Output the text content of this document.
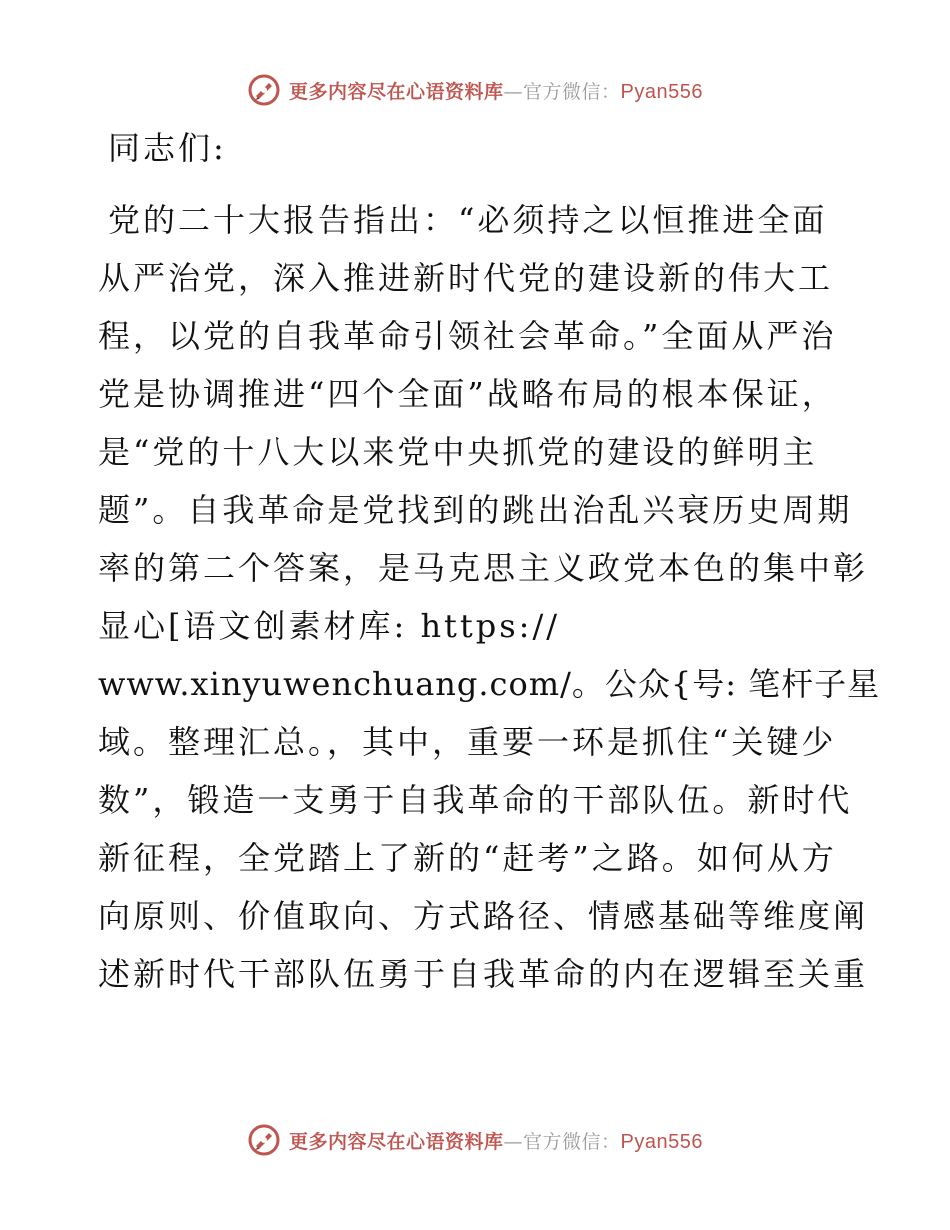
更多内容尽在心语资料库—官方微信：Pyan556
同志们:
党的二十大报告指出：“必须持之以恒推进全面
从严治党，深入推进新时代党的建设新的伟大工
程，以党的自我革命引领社会革命。”全面从严治
党是协调推进“四个全面”战略布局的根本保证，
是“党的十八大以来党中央抓党的建设的鲜明主
题”。自我革命是党找到的跳出治乱兴衰历史周期
率的第二个答案，是马克思主义政党本色的集中彰
显心[语文创素材库: https://
www.xinyuwenchuang.com/。公众{号: 笔杆子星
域。整理汇总。，其中，重要一环是抓住“关键少
数”，锻造一支勇于自我革命的干部队伍。新时代
新征程，全党踏上了新的“赶考”之路。如何从方
向原则、价值取向、方式路径、情感基础等维度阐
述新时代干部队伍勇于自我革命的内在逻辑至关重
更多内容尽在心语资料库—官方微信：Pyan556
